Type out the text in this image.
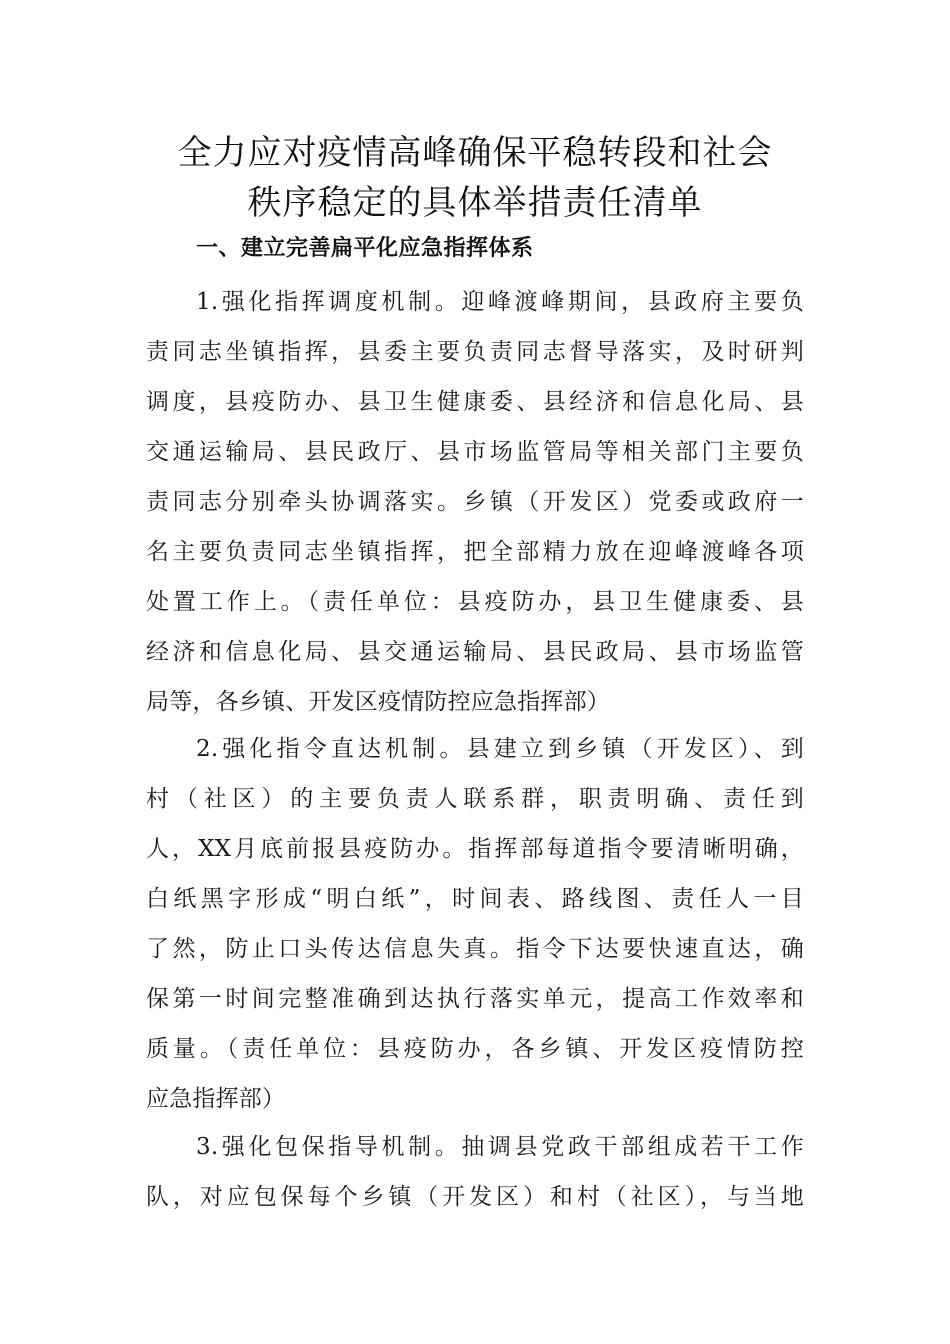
全力应对疫情高峰确保平稳转段和社会
秩序稳定的具体举措责任清单
一、建立完善扁平化应急指挥体系
1.强化指挥调度机制。迎峰渡峰期间，县政府主要负
责同志坐镇指挥，县委主要负责同志督导落实，及时研判
调度，县疫防办、县卫生健康委、县经济和信息化局、县
交通运输局、县民政厅、县市场监管局等相关部门主要负
责同志分别牵头协调落实。乡镇（开发区）党委或政府一
名主要负责同志坐镇指挥，把全部精力放在迎峰渡峰各项
处置工作上。（责任单位：县疫防办，县卫生健康委、县
经济和信息化局、县交通运输局、县民政局、县市场监管
局等，各乡镇、开发区疫情防控应急指挥部）
2.强化指令直达机制。县建立到乡镇（开发区）、到
村（社区）的主要负责人联系群，职责明确、责任到
人，XX月底前报县疫防办。指挥部每道指令要清晰明确，
白纸黑字形成“明白纸”，时间表、路线图、责任人一目
了然，防止口头传达信息失真。指令下达要快速直达，确
保第一时间完整准确到达执行落实单元，提高工作效率和
质量。（责任单位：县疫防办，各乡镇、开发区疫情防控
应急指挥部）
3.强化包保指导机制。抽调县党政干部组成若干工作
队，对应包保每个乡镇（开发区）和村（社区），与当地
